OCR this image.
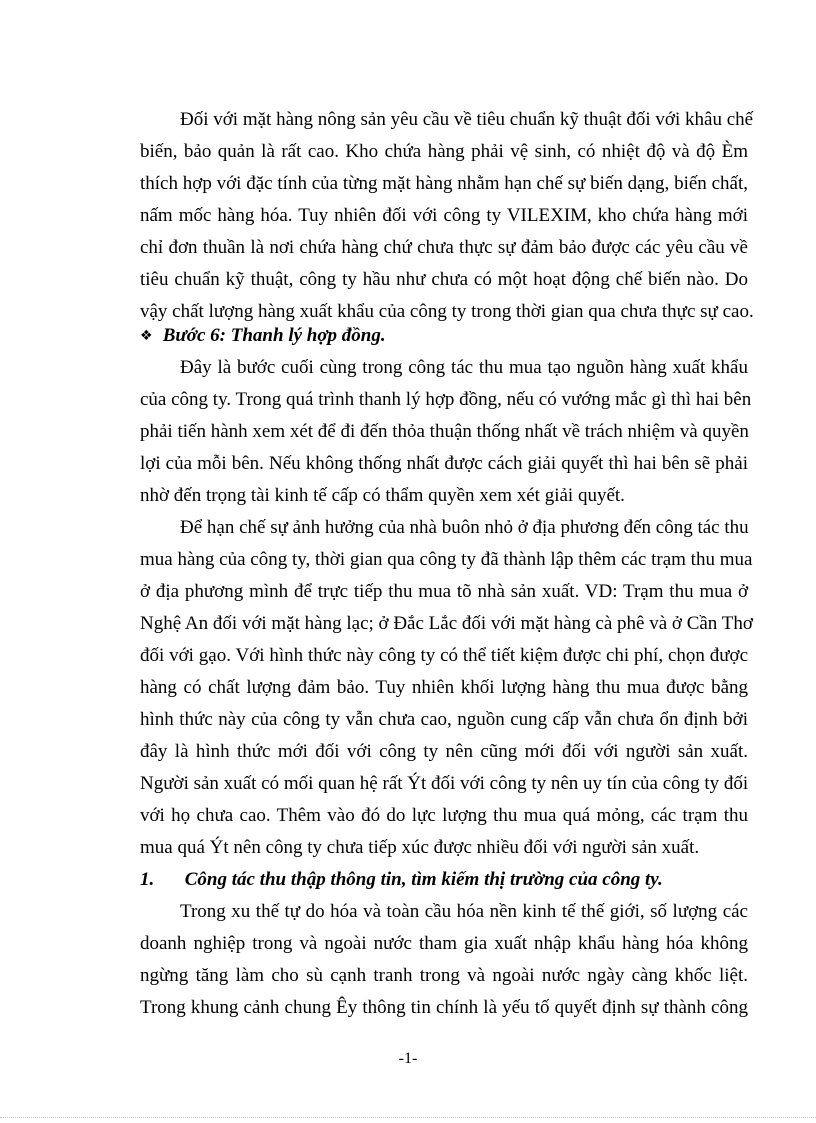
Đối với mặt hàng nông sản yêu cầu về tiêu chuẩn kỹ thuật đối với khâu chế
biến, bảo quản là rất cao. Kho chứa hàng phải vệ sinh, có nhiệt độ và độ Èm
thích hợp với đặc tính của từng mặt hàng nhằm hạn chế sự biến dạng, biến chất,
nấm mốc hàng hóa. Tuy nhiên đối với công ty VILEXIM, kho chứa hàng mới
chỉ đơn thuần là nơi chứa hàng chứ chưa thực sự đảm bảo được các yêu cầu về
tiêu chuẩn kỹ thuật, công ty hầu như chưa có một hoạt động chế biến nào. Do
vậy chất lượng hàng xuất khẩu của công ty trong thời gian qua chưa thực sự cao.
❖ Bước 6: Thanh lý hợp đồng.
Đây là bước cuối cùng trong công tác thu mua tạo nguồn hàng xuất khẩu
của công ty. Trong quá trình thanh lý hợp đồng, nếu có vướng mắc gì thì hai bên
phải tiến hành xem xét để đi đến thỏa thuận thống nhất về trách nhiệm và quyền
lợi của mỗi bên. Nếu không thống nhất được cách giải quyết thì hai bên sẽ phải
nhờ đến trọng tài kinh tế cấp có thẩm quyền xem xét giải quyết.
Để hạn chế sự ảnh hưởng của nhà buôn nhỏ ở địa phương đến công tác thu
mua hàng của công ty, thời gian qua công ty đã thành lập thêm các trạm thu mua
ở địa phương mình để trực tiếp thu mua tõ nhà sản xuất. VD: Trạm thu mua ở
Nghệ An đối với mặt hàng lạc; ở Đắc Lắc đối với mặt hàng cà phê và ở Cần Thơ
đối với gạo. Với hình thức này công ty có thể tiết kiệm được chi phí, chọn được
hàng có chất lượng đảm bảo. Tuy nhiên khối lượng hàng thu mua được bằng
hình thức này của công ty vẫn chưa cao, nguồn cung cấp vẫn chưa ổn định bởi
đây là hình thức mới đối với công ty nên cũng mới đối với người sản xuất.
Người sản xuất có mối quan hệ rất Ýt đối với công ty nên uy tín của công ty đối
với họ chưa cao. Thêm vào đó do lực lượng thu mua quá mỏng, các trạm thu
mua quá Ýt nên công ty chưa tiếp xúc được nhiều đối với người sản xuất.
1. Công tác thu thập thông tin, tìm kiếm thị trường của công ty.
Trong xu thế tự do hóa và toàn cầu hóa nền kinh tế thế giới, số lượng các
doanh nghiệp trong và ngoài nước tham gia xuất nhập khẩu hàng hóa không
ngừng tăng làm cho sù cạnh tranh trong và ngoài nước ngày càng khốc liệt.
Trong khung cảnh chung Êy thông tin chính là yếu tố quyết định sự thành công
-1-
